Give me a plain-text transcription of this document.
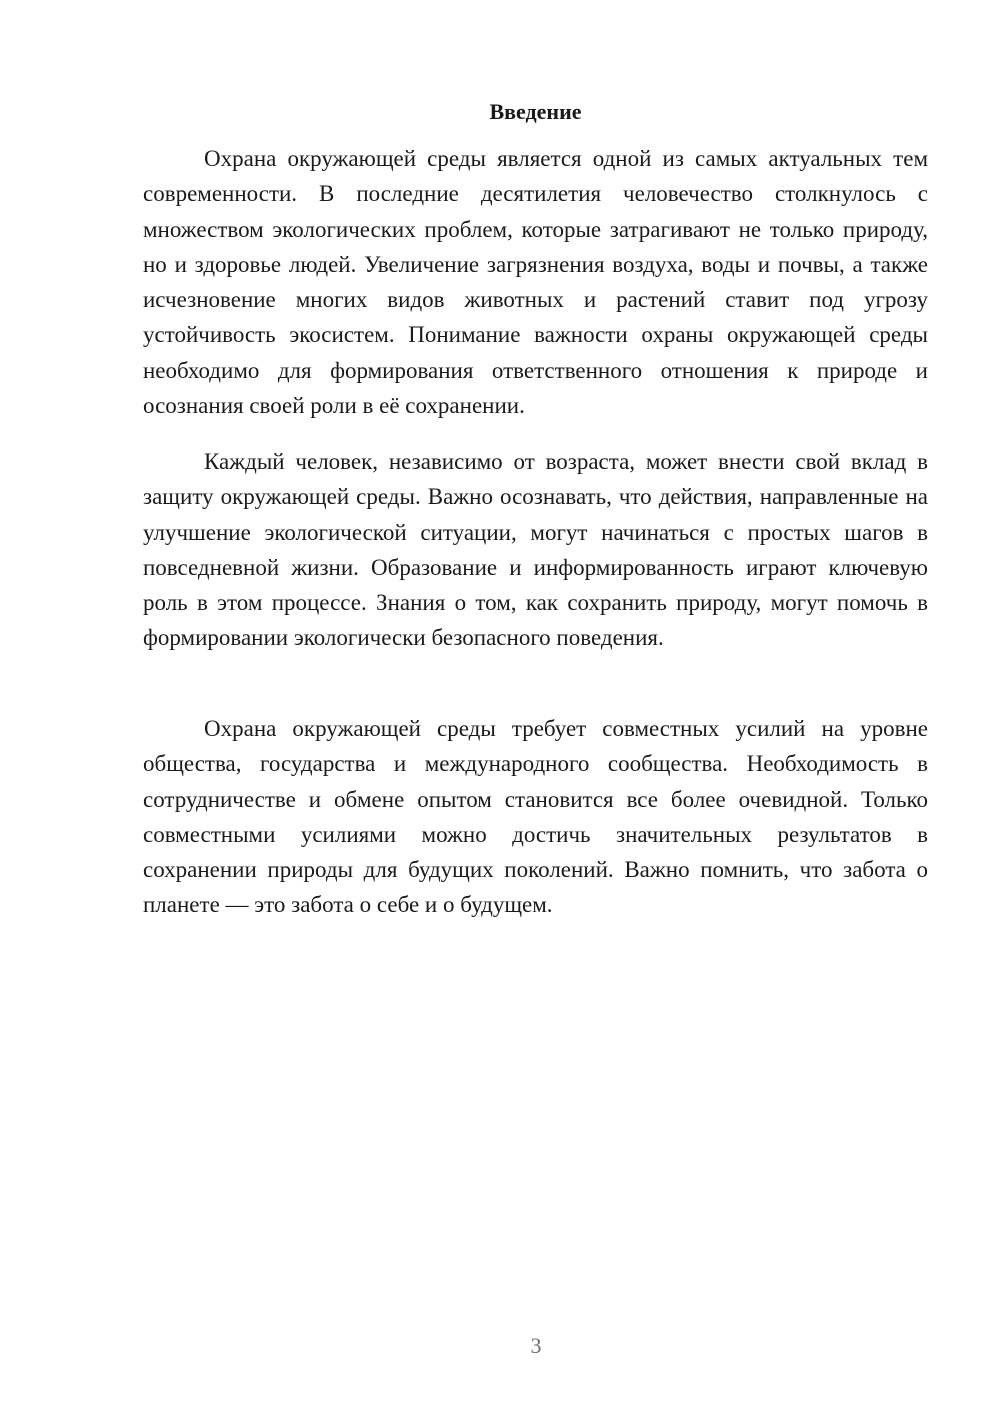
Введение

Охрана окружающей среды является одной из самых актуальных тем современности. В последние десятилетия человечество столкнулось с множеством экологических проблем, которые затрагивают не только природу, но и здоровье людей. Увеличение загрязнения воздуха, воды и почвы, а также исчезновение многих видов животных и растений ставит под угрозу устойчивость экосистем. Понимание важности охраны окружающей среды необходимо для формирования ответственного отношения к природе и осознания своей роли в её сохранении.

Каждый человек, независимо от возраста, может внести свой вклад в защиту окружающей среды. Важно осознавать, что действия, направленные на улучшение экологической ситуации, могут начинаться с простых шагов в повседневной жизни. Образование и информированность играют ключевую роль в этом процессе. Знания о том, как сохранить природу, могут помочь в формировании экологически безопасного поведения.

Охрана окружающей среды требует совместных усилий на уровне общества, государства и международного сообщества. Необходимость в сотрудничестве и обмене опытом становится все более очевидной. Только совместными усилиями можно достичь значительных результатов в сохранении природы для будущих поколений. Важно помнить, что забота о планете — это забота о себе и о будущем.

3
